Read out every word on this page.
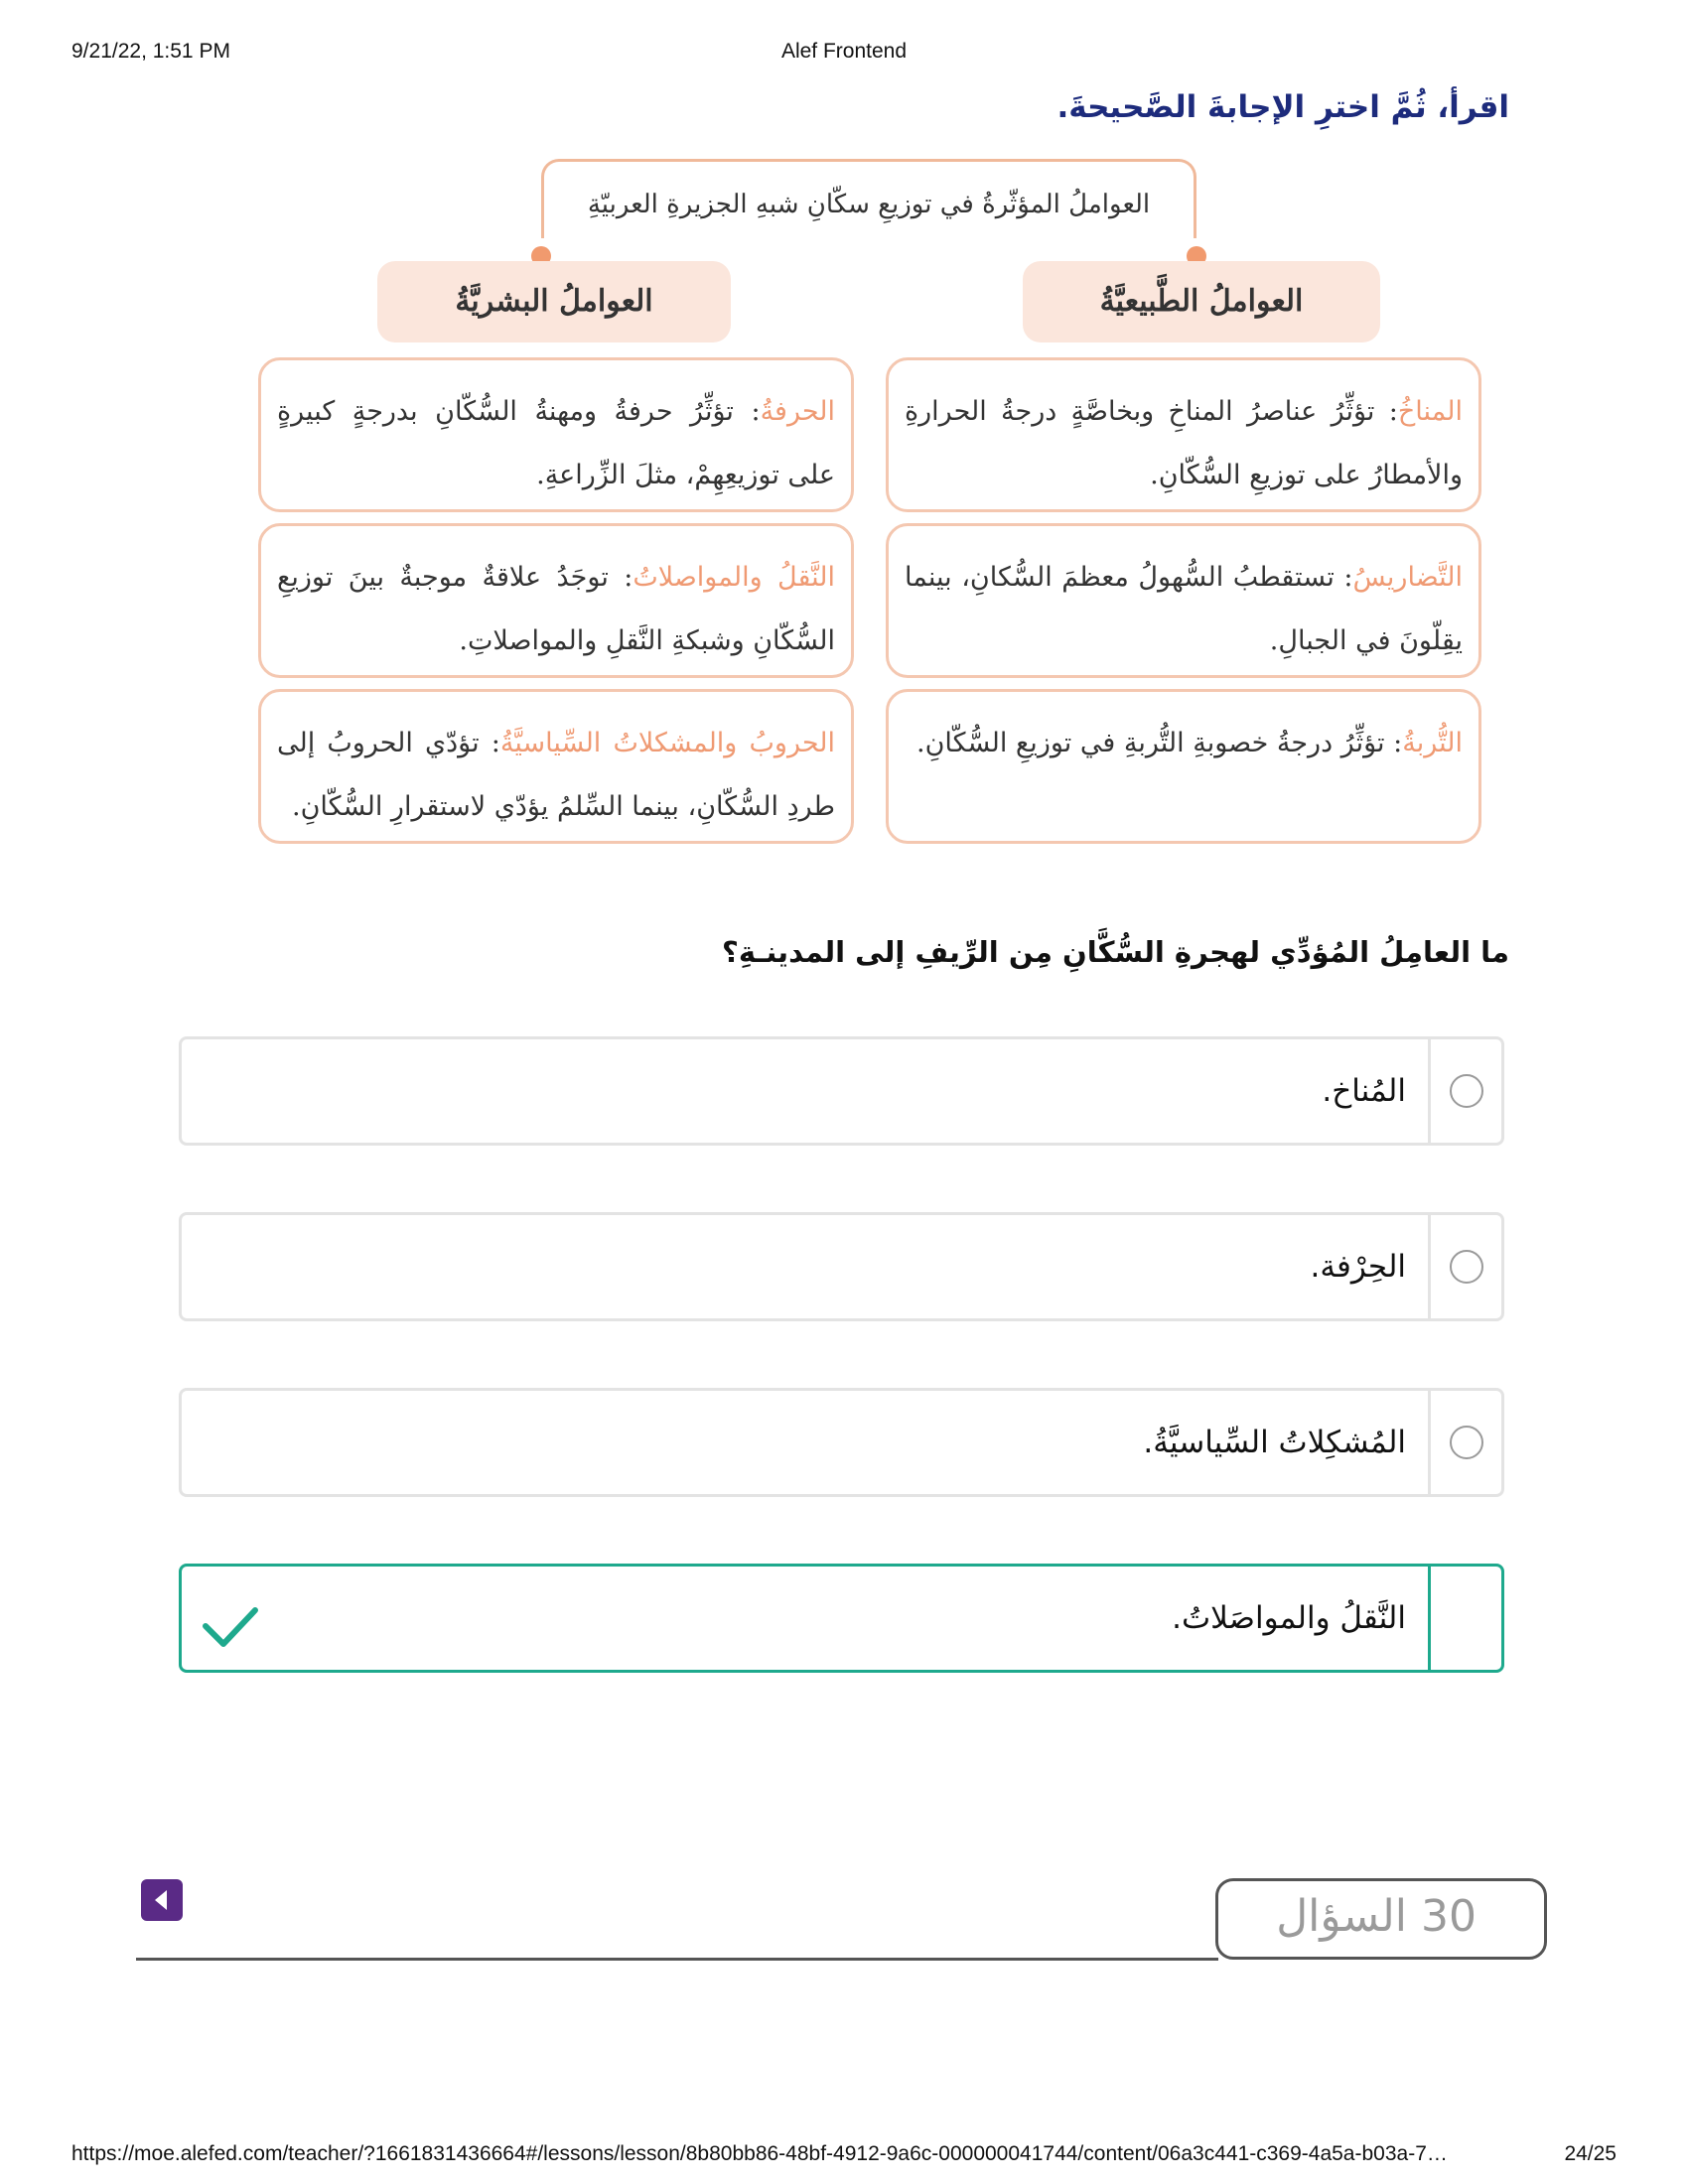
9/21/22, 1:51 PM	Alef Frontend
اقرأ، ثُمَّ اخترِ الإجابةَ الصَّحيحةَ.
العواملُ المؤثّرةُ في توزيعِ سكّانِ شبهِ الجزيرةِ العربيّةِ
العواملُ الطَّبيعيَّةُ
العواملُ البشريَّةُ
المناخُ: تؤثِّرُ عناصرُ المناخِ وبخاصَّةٍ درجةُ الحرارةِ والأمطارُ على توزيعِ السُّكّانِ.
التَّضاريسُ: تستقطبُ السُّهولُ معظمَ السُّكانِ، بينما يقِلّونَ في الجبالِ.
التُّربةُ: تؤثِّرُ درجةُ خصوبةِ التُّربةِ في توزيعِ السُّكّانِ.
الحرفةُ: تؤثِّرُ حرفةُ ومهنةُ السُّكّانِ بدرجةٍ كبيرةٍ على توزيعِهِمْ، مثلَ الزِّراعةِ.
النَّقلُ والمواصلاتُ: توجَدُ علاقةٌ موجبةٌ بينَ توزيعِ السُّكّانِ وشبكةِ النَّقلِ والمواصلاتِ.
الحروبُ والمشكلاتُ السِّياسيَّةُ: تؤدّي الحروبُ إلى طردِ السُّكّانِ، بينما السِّلمُ يؤدّي لاستقرارِ السُّكّانِ.
ما العامِلُ المُؤدِّي لهجرةِ السُّكَّانِ مِن الرِّيفِ إلى المدينـةِ؟
المُناخ.
الحِرْفة.
المُشكِلاتُ السِّياسيَّةُ.
النَّقلُ والمواصَلاتُ.
30 السؤال
https://moe.alefed.com/teacher/?1661831436664#/lessons/lesson/8b80bb86-48bf-4912-9a6c-000000041744/content/06a3c441-c369-4a5a-b03a-7…	24/25
